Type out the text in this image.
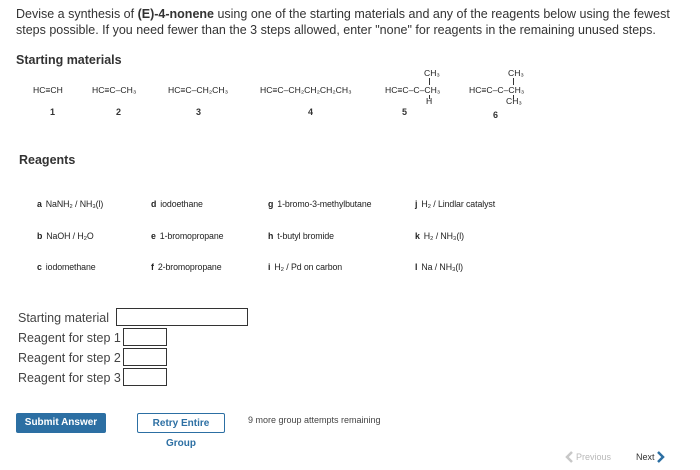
Devise a synthesis of (E)-4-nonene using one of the starting materials and any of the reagents below using the fewest steps possible. If you need fewer than the 3 steps allowed, enter "none" for reagents in the remaining unused steps.
Starting materials
HC≡CH
1
HC≡C–CH₃
2
HC≡C–CH₂CH₃
3
HC≡C–CH₂CH₂CH₂CH₃
4
CH₃
HC≡C–C–CH₃
H
5
CH₃
HC≡C–C–CH₃
CH₃
6
Reagents
a NaNH₂ / NH₃(l)
b NaOH / H₂O
c iodomethane
d iodoethane
e 1-bromopropane
f 2-bromopropane
g 1-bromo-3-methylbutane
h t-butyl bromide
i H₂ / Pd on carbon
j H₂ / Lindlar catalyst
k H₂ / NH₃(l)
l Na / NH₃(l)
Starting material
Reagent for step 1
Reagent for step 2
Reagent for step 3
Submit Answer	Retry Entire Group
9 more group attempts remaining
Previous	Next
